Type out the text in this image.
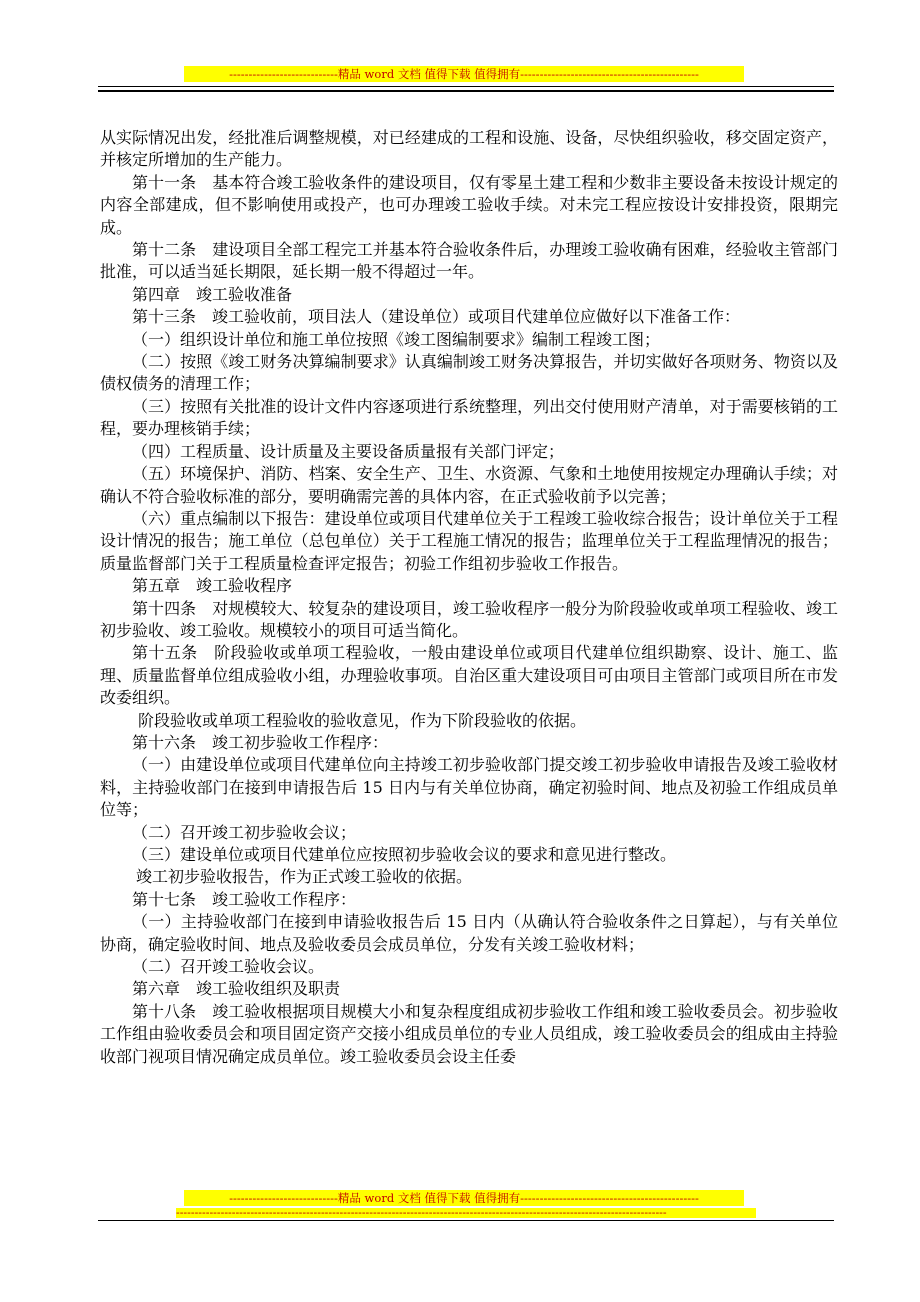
----------------------------精品 word 文档 值得下载 值得拥有----------------------------------------------

从实际情况出发，经批准后调整规模，对已经建成的工程和设施、设备，尽快组织验收，移交固定资产，并核定所增加的生产能力。

第十一条　基本符合竣工验收条件的建设项目，仅有零星土建工程和少数非主要设备未按设计规定的内容全部建成，但不影响使用或投产，也可办理竣工验收手续。对未完工程应按设计安排投资，限期完成。

第十二条　建设项目全部工程完工并基本符合验收条件后，办理竣工验收确有困难，经验收主管部门批准，可以适当延长期限，延长期一般不得超过一年。

第四章　竣工验收准备

第十三条　竣工验收前，项目法人（建设单位）或项目代建单位应做好以下准备工作：

（一）组织设计单位和施工单位按照《竣工图编制要求》编制工程竣工图；

（二）按照《竣工财务决算编制要求》认真编制竣工财务决算报告，并切实做好各项财务、物资以及债权债务的清理工作；

（三）按照有关批准的设计文件内容逐项进行系统整理，列出交付使用财产清单，对于需要核销的工程，要办理核销手续；

（四）工程质量、设计质量及主要设备质量报有关部门评定；

（五）环境保护、消防、档案、安全生产、卫生、水资源、气象和土地使用按规定办理确认手续；对确认不符合验收标准的部分，要明确需完善的具体内容，在正式验收前予以完善；

（六）重点编制以下报告：建设单位或项目代建单位关于工程竣工验收综合报告；设计单位关于工程设计情况的报告；施工单位（总包单位）关于工程施工情况的报告；监理单位关于工程监理情况的报告；质量监督部门关于工程质量检查评定报告；初验工作组初步验收工作报告。

第五章　竣工验收程序

第十四条　对规模较大、较复杂的建设项目，竣工验收程序一般分为阶段验收或单项工程验收、竣工初步验收、竣工验收。规模较小的项目可适当简化。

第十五条　阶段验收或单项工程验收，一般由建设单位或项目代建单位组织勘察、设计、施工、监理、质量监督单位组成验收小组，办理验收事项。自治区重大建设项目可由项目主管部门或项目所在市发改委组织。

阶段验收或单项工程验收的验收意见，作为下阶段验收的依据。

第十六条　竣工初步验收工作程序：

（一）由建设单位或项目代建单位向主持竣工初步验收部门提交竣工初步验收申请报告及竣工验收材料，主持验收部门在接到申请报告后 15 日内与有关单位协商，确定初验时间、地点及初验工作组成员单位等；

（二）召开竣工初步验收会议；

（三）建设单位或项目代建单位应按照初步验收会议的要求和意见进行整改。

竣工初步验收报告，作为正式竣工验收的依据。

第十七条　竣工验收工作程序：

（一）主持验收部门在接到申请验收报告后 15 日内（从确认符合验收条件之日算起），与有关单位协商，确定验收时间、地点及验收委员会成员单位，分发有关竣工验收材料；

（二）召开竣工验收会议。

第六章　竣工验收组织及职责

第十八条　竣工验收根据项目规模大小和复杂程度组成初步验收工作组和竣工验收委员会。初步验收工作组由验收委员会和项目固定资产交接小组成员单位的专业人员组成，竣工验收委员会的组成由主持验收部门视项目情况确定成员单位。竣工验收委员会设主任委

----------------------------精品 word 文档 值得下载 值得拥有----------------------------------------------
------------------------------------------------------------------------------------------------------------------------------------
